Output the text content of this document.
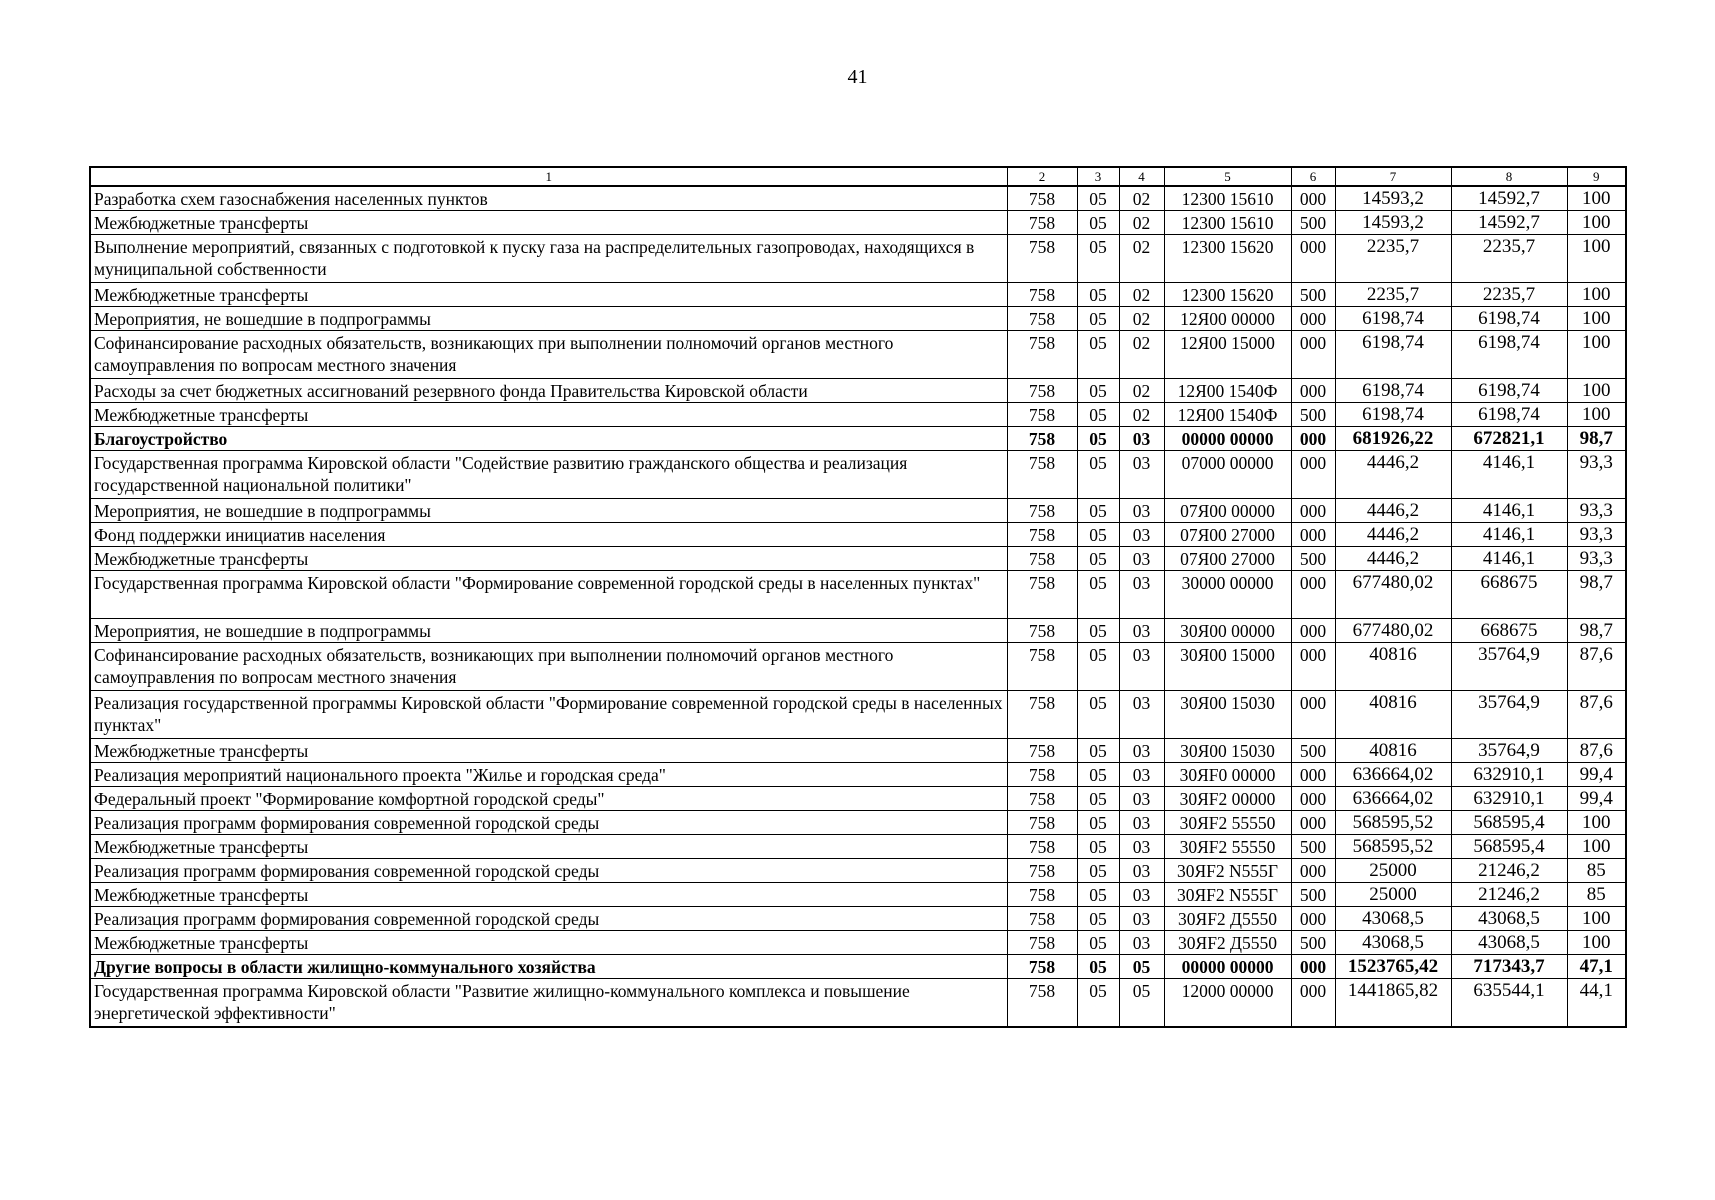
41
1	2	3	4	5	6	7	8	9
Разработка схем газоснабжения населенных пунктов	758	05	02	12300 15610	000	14593,2	14592,7	100
Межбюджетные трансферты	758	05	02	12300 15610	500	14593,2	14592,7	100
Выполнение мероприятий, связанных с подготовкой к пуску газа на распределительных газопроводах, находящихся в муниципальной собственности	758	05	02	12300 15620	000	2235,7	2235,7	100
Межбюджетные трансферты	758	05	02	12300 15620	500	2235,7	2235,7	100
Мероприятия, не вошедшие в подпрограммы	758	05	02	12Я00 00000	000	6198,74	6198,74	100
Софинансирование расходных обязательств, возникающих при выполнении полномочий органов местного самоуправления по вопросам местного значения	758	05	02	12Я00 15000	000	6198,74	6198,74	100
Расходы за счет бюджетных ассигнований резервного фонда Правительства Кировской области	758	05	02	12Я00 1540Ф	000	6198,74	6198,74	100
Межбюджетные трансферты	758	05	02	12Я00 1540Ф	500	6198,74	6198,74	100
Благоустройство	758	05	03	00000 00000	000	681926,22	672821,1	98,7
Государственная программа Кировской области "Содействие развитию гражданского общества и реализация государственной национальной политики"	758	05	03	07000 00000	000	4446,2	4146,1	93,3
Мероприятия, не вошедшие в подпрограммы	758	05	03	07Я00 00000	000	4446,2	4146,1	93,3
Фонд поддержки инициатив населения	758	05	03	07Я00 27000	000	4446,2	4146,1	93,3
Межбюджетные трансферты	758	05	03	07Я00 27000	500	4446,2	4146,1	93,3
Государственная программа Кировской области "Формирование современной городской среды в населенных пунктах"	758	05	03	30000 00000	000	677480,02	668675	98,7
Мероприятия, не вошедшие в подпрограммы	758	05	03	30Я00 00000	000	677480,02	668675	98,7
Софинансирование расходных обязательств, возникающих при выполнении полномочий органов местного самоуправления по вопросам местного значения	758	05	03	30Я00 15000	000	40816	35764,9	87,6
Реализация государственной программы Кировской области "Формирование современной городской среды в населенных пунктах"	758	05	03	30Я00 15030	000	40816	35764,9	87,6
Межбюджетные трансферты	758	05	03	30Я00 15030	500	40816	35764,9	87,6
Реализация мероприятий национального проекта "Жилье и городская среда"	758	05	03	30ЯF0 00000	000	636664,02	632910,1	99,4
Федеральный проект "Формирование комфортной городской среды"	758	05	03	30ЯF2 00000	000	636664,02	632910,1	99,4
Реализация программ формирования современной городской среды	758	05	03	30ЯF2 55550	000	568595,52	568595,4	100
Межбюджетные трансферты	758	05	03	30ЯF2 55550	500	568595,52	568595,4	100
Реализация программ формирования современной городской среды	758	05	03	30ЯF2 N555Г	000	25000	21246,2	85
Межбюджетные трансферты	758	05	03	30ЯF2 N555Г	500	25000	21246,2	85
Реализация программ формирования современной городской среды	758	05	03	30ЯF2 Д5550	000	43068,5	43068,5	100
Межбюджетные трансферты	758	05	03	30ЯF2 Д5550	500	43068,5	43068,5	100
Другие вопросы в области жилищно-коммунального хозяйства	758	05	05	00000 00000	000	1523765,42	717343,7	47,1
Государственная программа Кировской области "Развитие жилищно-коммунального комплекса и повышение энергетической эффективности"	758	05	05	12000 00000	000	1441865,82	635544,1	44,1
